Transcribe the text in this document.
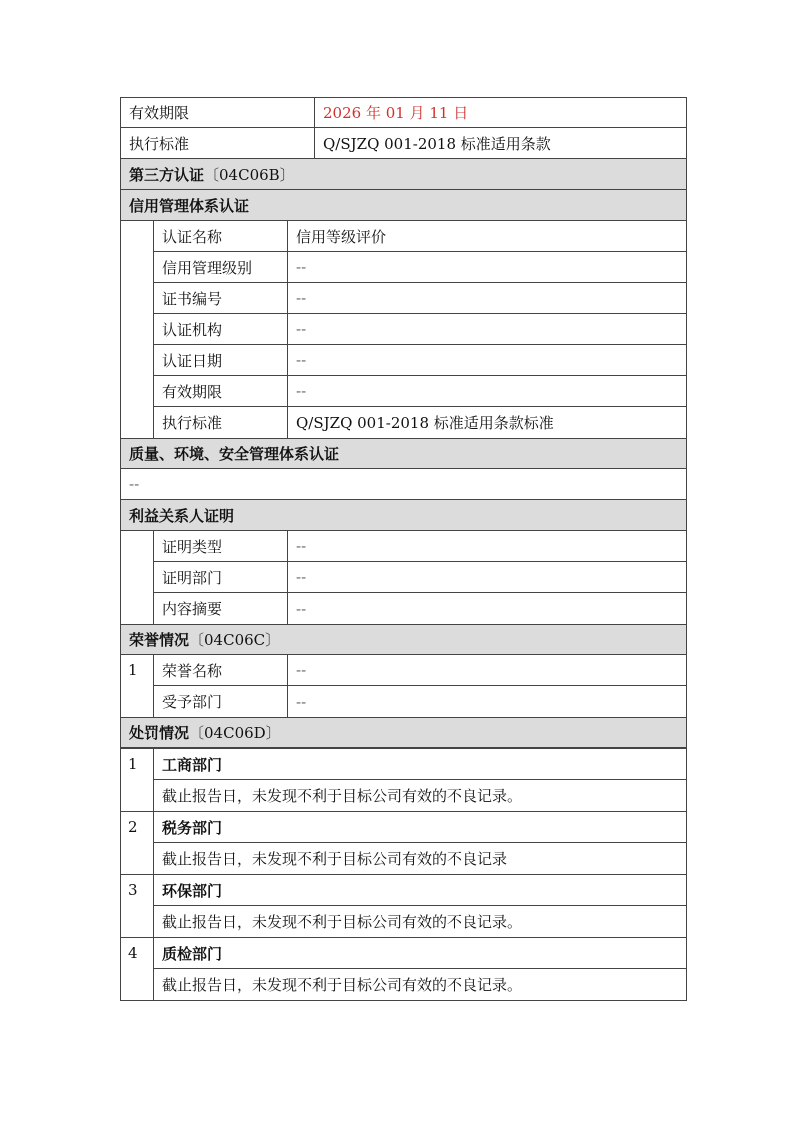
有效期限	2026 年 01 月 11 日
执行标准	Q/SJZQ 001-2018 标准适用条款
第三方认证 〔04C06B〕
信用管理体系认证
认证名称	信用等级评价
信用管理级别	--
证书编号	--
认证机构	--
认证日期	--
有效期限	--
执行标准	Q/SJZQ 001-2018 标准适用条款标准
质量、环境、安全管理体系认证
--
利益关系人证明
证明类型	--
证明部门	--
内容摘要	--
荣誉情况 〔04C06C〕
1	荣誉名称	--
受予部门	--
处罚情况 〔04C06D〕
1	工商部门
截止报告日，未发现不利于目标公司有效的不良记录。
2	税务部门
截止报告日，未发现不利于目标公司有效的不良记录
3	环保部门
截止报告日，未发现不利于目标公司有效的不良记录。
4	质检部门
截止报告日，未发现不利于目标公司有效的不良记录。
